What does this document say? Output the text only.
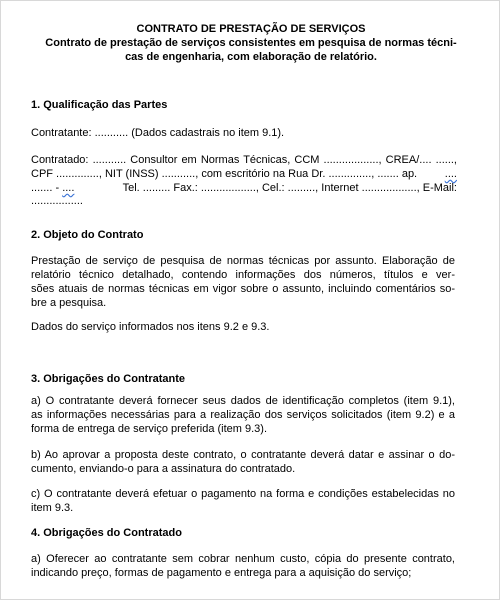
CONTRATO DE PRESTAÇÃO DE SERVIÇOS
Contrato de prestação de serviços consistentes em pesquisa de normas técni-
cas de engenharia, com elaboração de relatório.
1. Qualificação das Partes
Contratante: ........... (Dados cadastrais no item 9.1).
Contratado: ........... Consultor em Normas Técnicas, CCM .................., CREA/.... ......,
CPF .............., NIT (INSS) ..........., com escritório na Rua Dr. .............., ....... ap.	....
....... - ....	Tel. ......... Fax.: .................., Cel.: ........., Internet .................., E-Mail:
.................
2. Objeto do Contrato
Prestação de serviço de pesquisa de normas técnicas por assunto. Elaboração de
relatório técnico detalhado, contendo informações dos números, títulos e ver-
sões atuais de normas técnicas em vigor sobre o assunto, incluindo comentários so-
bre a pesquisa.
Dados do serviço informados nos itens 9.2 e 9.3.
3. Obrigações do Contratante
a) O contratante deverá fornecer seus dados de identificação completos (item 9.1),
as informações necessárias para a realização dos serviços solicitados (item 9.2) e a
forma de entrega de serviço preferida (item 9.3).
b) Ao aprovar a proposta deste contrato, o contratante deverá datar e assinar o do-
cumento, enviando-o para a assinatura do contratado.
c) O contratante deverá efetuar o pagamento na forma e condições estabelecidas no
item 9.3.
4. Obrigações do Contratado
a) Oferecer ao contratante sem cobrar nenhum custo, cópia do presente contrato,
indicando preço, formas de pagamento e entrega para a aquisição do serviço;
